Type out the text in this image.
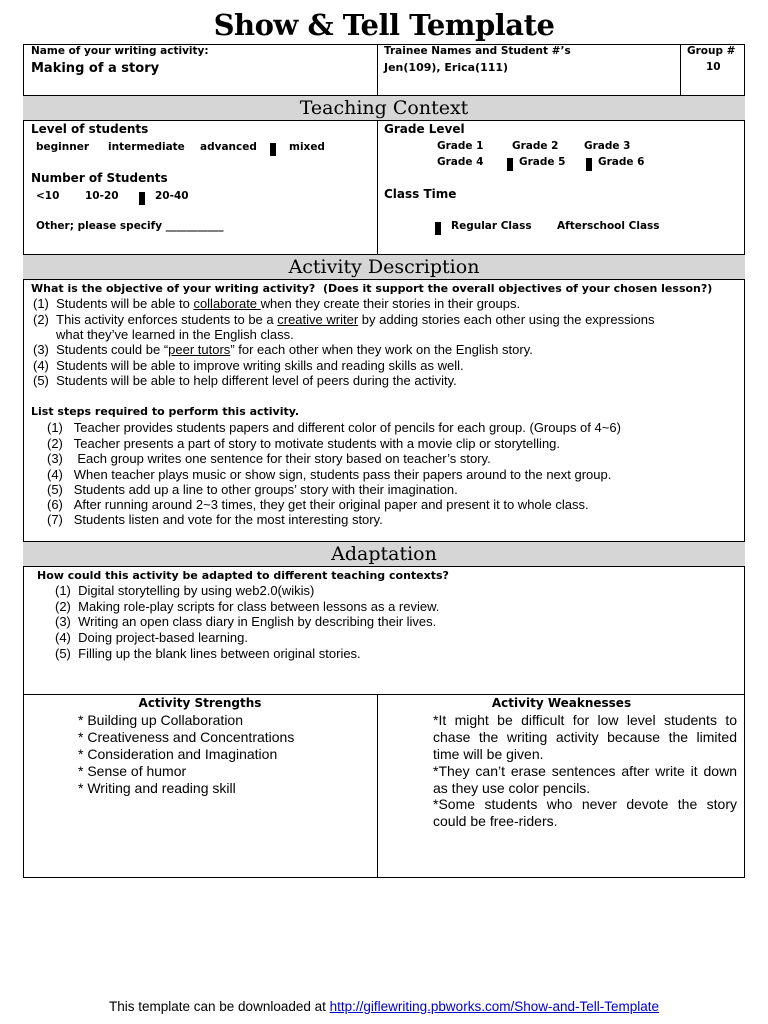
Show & Tell Template
Name of your writing activity:
Making of a story
Trainee Names and Student #’s
Jen(109), Erica(111)
Group #
10
Teaching Context
Level of students
beginner intermediate advanced	mixed
Number of Students
<10 10-20	20-40
Other; please specify ___________
Grade Level
Grade 1	Grade 2 Grade 3
Grade 4	Grade 5	Grade 6
Class Time
Regular Class Afterschool Class
Activity Description
What is the objective of your writing activity? (Does it support the overall objectives of your chosen lesson?)
(1) Students will be able to collaborate when they create their stories in their groups.
(2) This activity enforces students to be a creative writer by adding stories each other using the expressions
what they’ve learned in the English class.
(3) Students could be “peer tutors” for each other when they work on the English story.
(4) Students will be able to improve writing skills and reading skills as well.
(5) Students will be able to help different level of peers during the activity.
List steps required to perform this activity.
(1) Teacher provides students papers and different color of pencils for each group. (Groups of 4~6)
(2) Teacher presents a part of story to motivate students with a movie clip or storytelling.
(3)    Each group writes one sentence for their story based on teacher’s story.
(4) When teacher plays music or show sign, students pass their papers around to the next group.
(5) Students add up a line to other groups’ story with their imagination.
(6) After running around 2~3 times, they get their original paper and present it to whole class.
(7) Students listen and vote for the most interesting story.
Adaptation
How could this activity be adapted to different teaching contexts?
(1) Digital storytelling by using web2.0(wikis)
(2) Making role-play scripts for class between lessons as a review.
(3) Writing an open class diary in English by describing their lives.
(4) Doing project-based learning.
(5) Filling up the blank lines between original stories.
Activity Strengths
* Building up Collaboration
* Creativeness and Concentrations
* Consideration and Imagination
* Sense of humor
* Writing and reading skill
Activity Weaknesses
*It might be difficult for low level students to chase the writing activity because the limited time will be given.
*They can’t erase sentences after write it down as they use color pencils.
*Some students who never devote the story could be free-riders.
This template can be downloaded at http://giflewriting.pbworks.com/Show-and-Tell-Template
